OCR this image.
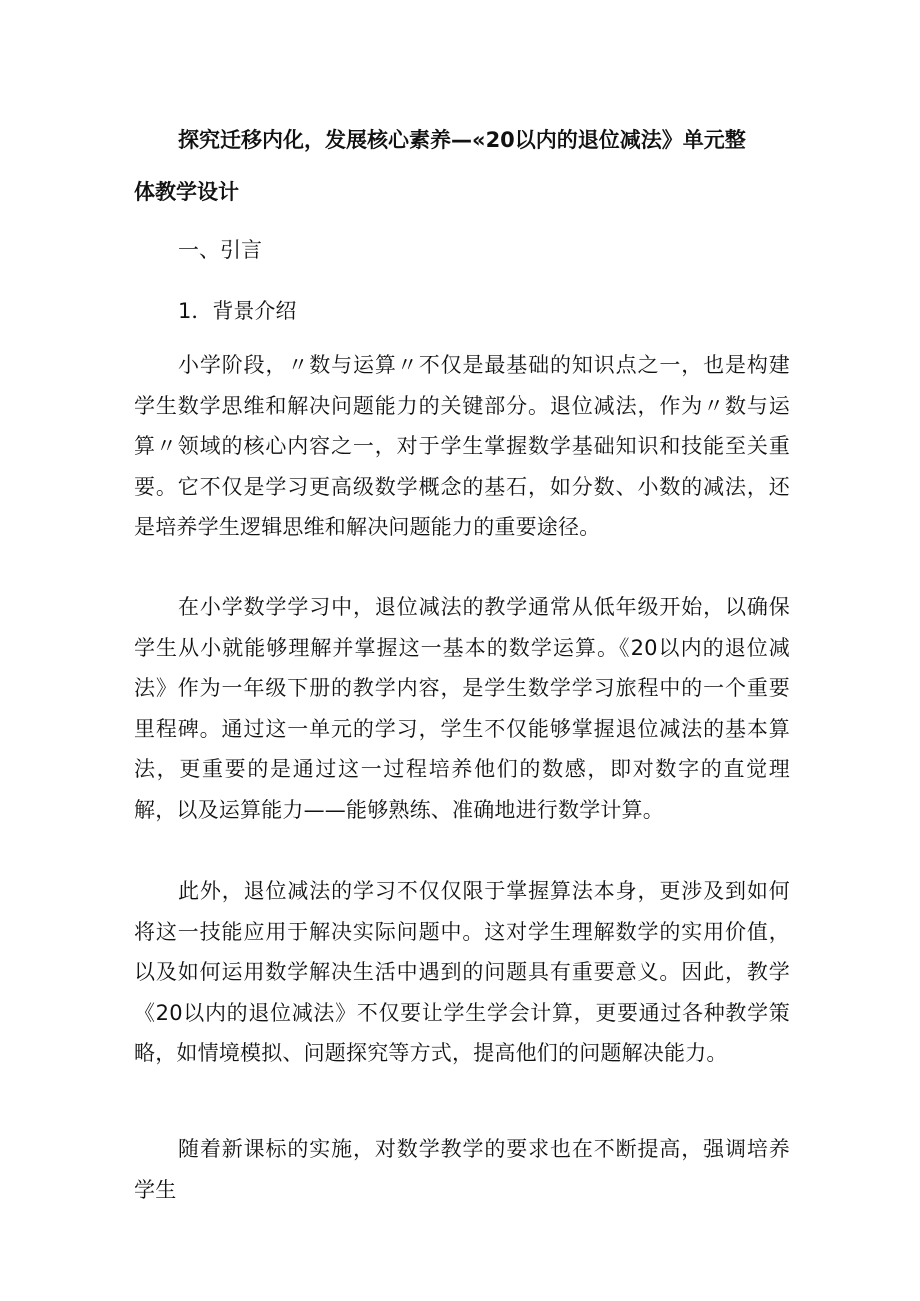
探究迁移内化，发展核心素养—«20以内的退位减法》单元整
体教学设计
一、引言
1．背景介绍

小学阶段，〃数与运算〃不仅是最基础的知识点之一，也是构建学生数学思维和解决问题能力的关键部分。退位减法，作为〃数与运算〃领域的核心内容之一，对于学生掌握数学基础知识和技能至关重要。它不仅是学习更高级数学概念的基石，如分数、小数的减法，还是培养学生逻辑思维和解决问题能力的重要途径。

在小学数学学习中，退位减法的教学通常从低年级开始，以确保学生从小就能够理解并掌握这一基本的数学运算。《20以内的退位减法》作为一年级下册的教学内容，是学生数学学习旅程中的一个重要里程碑。通过这一单元的学习，学生不仅能够掌握退位减法的基本算法，更重要的是通过这一过程培养他们的数感，即对数字的直觉理解，以及运算能力——能够熟练、准确地进行数学计算。

此外，退位减法的学习不仅仅限于掌握算法本身，更涉及到如何将这一技能应用于解决实际问题中。这对学生理解数学的实用价值，以及如何运用数学解决生活中遇到的问题具有重要意义。因此，教学《20以内的退位减法》不仅要让学生学会计算，更要通过各种教学策略，如情境模拟、问题探究等方式，提高他们的问题解决能力。

随着新课标的实施，对数学教学的要求也在不断提高，强调培养学生
